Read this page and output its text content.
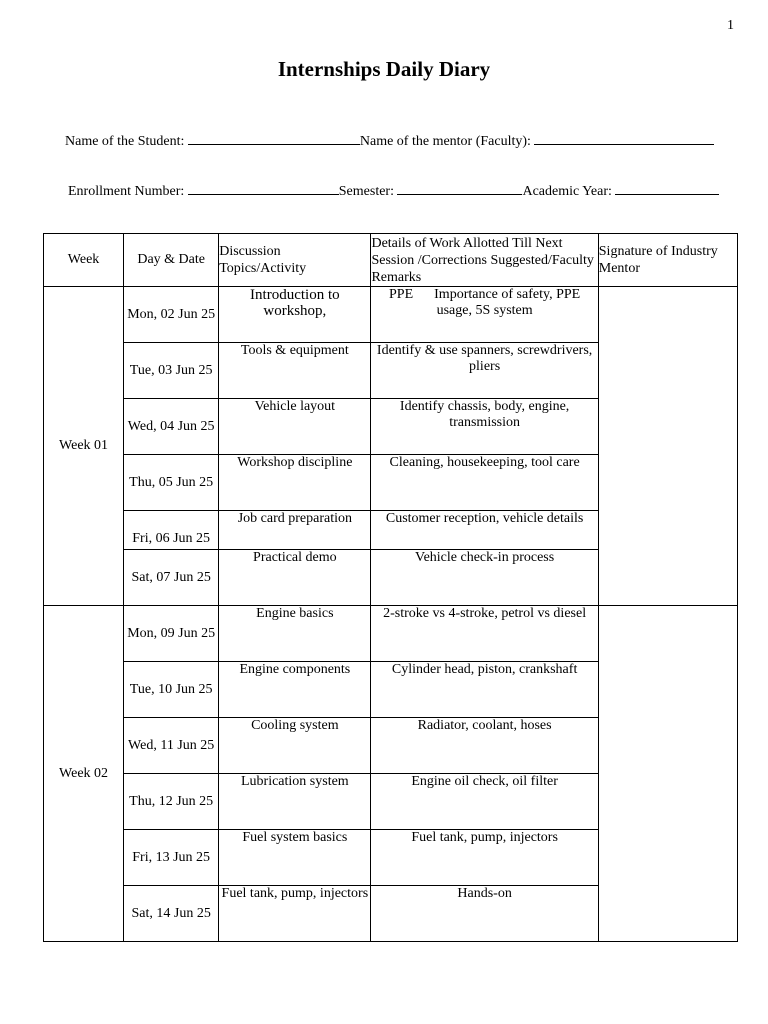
1
Internships Daily Diary
Name of the Student:	Name of the mentor (Faculty):
Enrollment Number:	Semester:	Academic Year:
Week	Day & Date	Discussion Topics/Activity	Details of Work Allotted Till Next Session /Corrections Suggested/Faculty Remarks	Signature of Industry Mentor
Week 01	Mon, 02 Jun 25	Introduction to workshop,	PPE      Importance of safety, PPE usage, 5S system	

	Tue, 03 Jun 25	Tools & equipment	Identify & use spanners, screwdrivers, pliers	

	Wed, 04 Jun 25	Vehicle layout	Identify chassis, body, engine, transmission	

	Thu, 05 Jun 25	Workshop discipline	Cleaning, housekeeping, tool care	

	Fri, 06 Jun 25	Job card preparation	Customer reception, vehicle details	

	Sat, 07 Jun 25	Practical demo	Vehicle check-in process	
Week 02	Mon, 09 Jun 25	Engine basics	2-stroke vs 4-stroke, petrol vs diesel	

	Tue, 10 Jun 25	Engine components	Cylinder head, piston, crankshaft	

	Wed, 11 Jun 25	Cooling system	Radiator, coolant, hoses	

	Thu, 12 Jun 25	Lubrication system	Engine oil check, oil filter	

	Fri, 13 Jun 25	Fuel system basics	Fuel tank, pump, injectors	

	Sat, 14 Jun 25	Fuel tank, pump, injectors	Hands-on	
